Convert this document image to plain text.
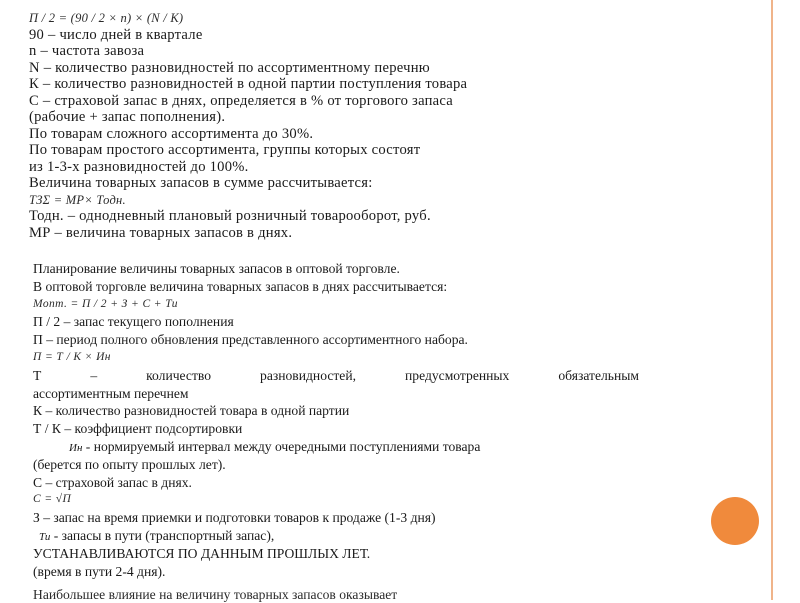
П / 2 = (90 / 2 × n) × (N / K)
90 – число дней в квартале
n – частота завоза
N – количество разновидностей по ассортиментному перечню
К – количество разновидностей в одной партии поступления товара
С – страховой запас в днях, определяется в % от торгового запаса
(рабочие + запас пополнения).
По товарам сложного ассортимента до 30%.
По товарам простого ассортимента, группы которых состоят
из 1-3-х разновидностей до 100%.
Величина товарных запасов в сумме рассчитывается:
ТЗΣ = МР× Тодн.
Тодн. – однодневный плановый розничный товарооборот, руб.
МР – величина товарных запасов в днях.
Планирование величины товарных запасов в оптовой торговле.
В оптовой торговле величина товарных запасов в днях рассчитывается:
Мопт. = П / 2 + З + С + Ти
П / 2 – запас текущего пополнения
П – период полного обновления представленного ассортиментного набора.
П = Т / К × Ин
Т – количество разновидностей, предусмотренных обязательным
ассортиментным перечнем
К – количество разновидностей товара в одной партии
Т / К – коэффициент подсортировки
Ин - нормируемый интервал между очередными поступлениями товара
(берется по опыту прошлых лет).
С – страховой запас в днях.
С = √П
З – запас на время приемки и подготовки товаров к продаже (1-3 дня)
Ти - запасы в пути (транспортный запас),
УСТАНАВЛИВАЮТСЯ ПО ДАННЫМ ПРОШЛЫХ ЛЕТ.
(время в пути 2-4 дня).
Наибольшее влияние на величину товарных запасов оказывает
